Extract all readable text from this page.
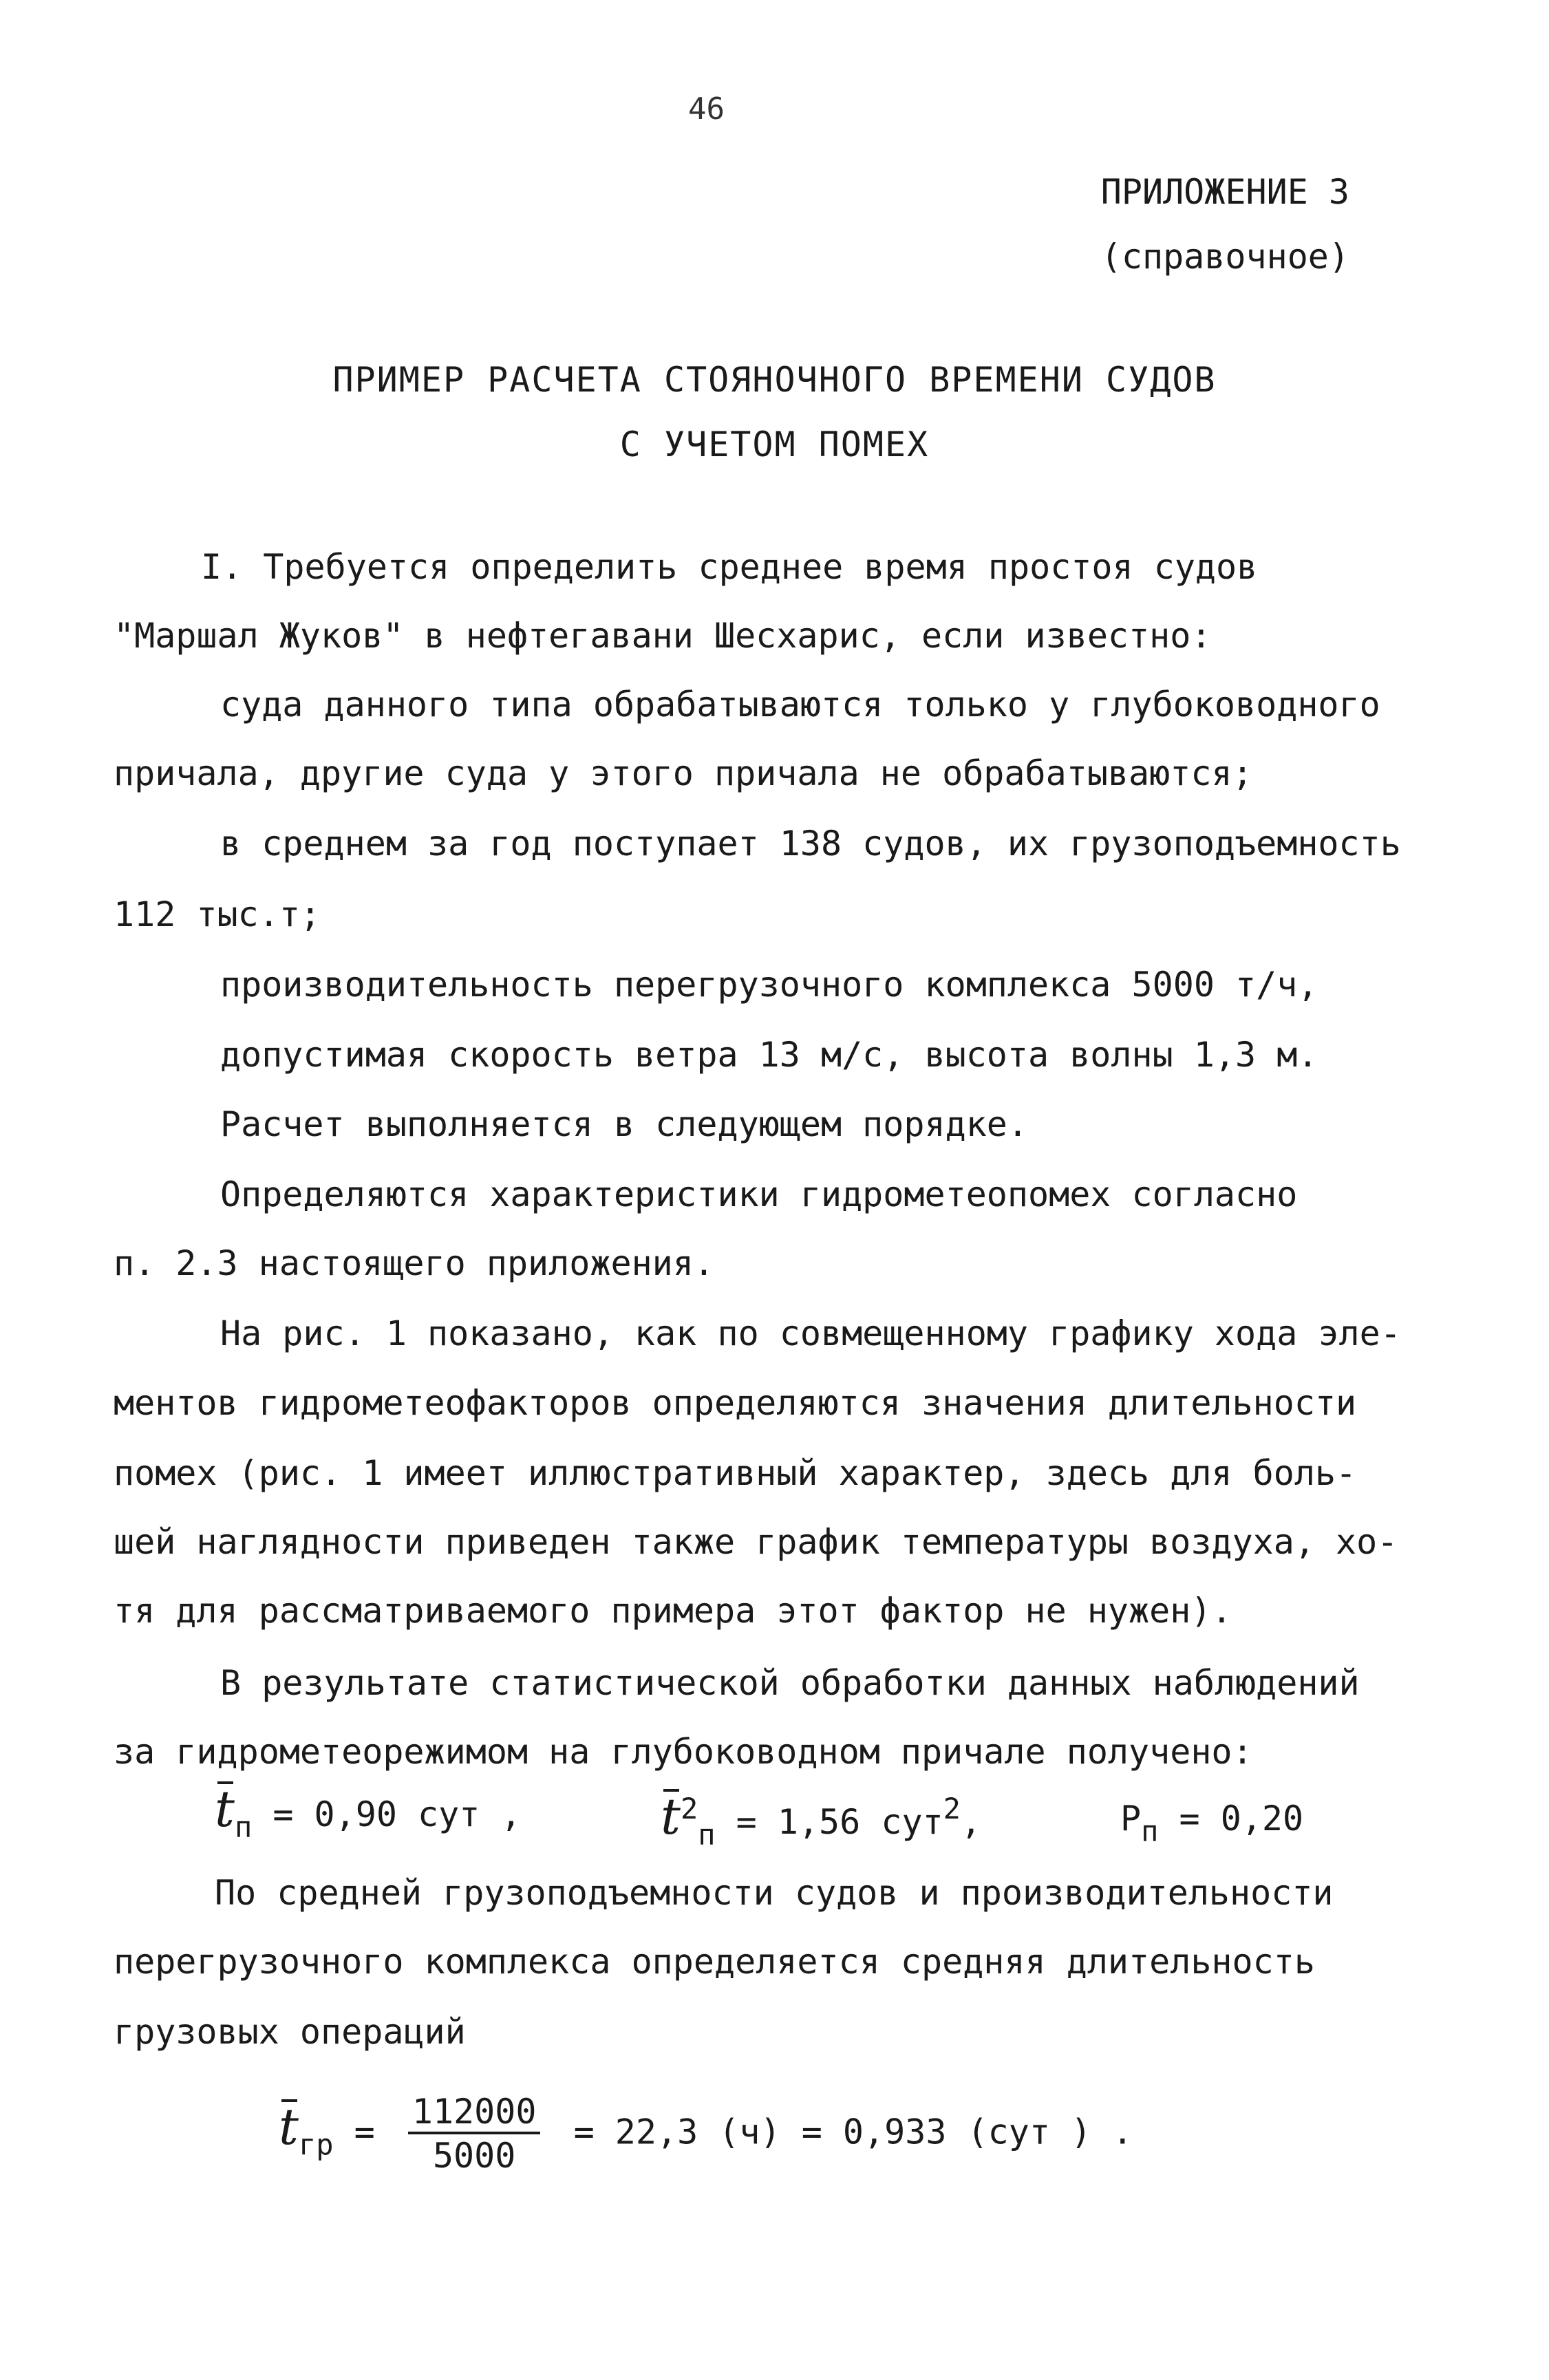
46
ПРИЛОЖЕНИЕ 3
(справочное)
ПРИМЕР РАСЧЕТА СТОЯНОЧНОГО ВРЕМЕНИ СУДОВ
С УЧЕТОМ ПОМЕХ
I. Требуется определить среднее время простоя судов
"Маршал Жуков" в нефтегавани Шесхарис, если известно:
суда данного типа обрабатываются только у глубоководного
причала, другие суда у этого причала не обрабатываются;
в среднем за год поступает 138 судов, их грузоподъемность
112 тыс.т;
производительность перегрузочного комплекса 5000 т/ч,
допустимая скорость ветра 13 м/с, высота волны 1,3 м.
Расчет выполняется в следующем порядке.
Определяются характеристики гидрометеопомех согласно
п. 2.3 настоящего приложения.
На рис. 1 показано, как по совмещенному графику хода эле-
ментов гидрометеофакторов определяются значения длительности
помех (рис. 1 имеет иллюстративный характер, здесь для боль-
шей наглядности приведен также график температуры воздуха, хо-
тя для рассматриваемого примера этот фактор не нужен).
В результате статистической обработки данных наблюдений
за гидрометеорежимом на глубоководном причале получено:
$t_п = 0,90$ сут ,	$t^2_п = 1,56$ сут$^2$,	$P_п = 0,20$
По средней грузоподъемности судов и производительности
перегрузочного комплекса определяется средняя длительность
грузовых операций
$t_{гр} = \frac{112000}{5000} = 22,3$ (ч) = 0,933 (сут ) .
